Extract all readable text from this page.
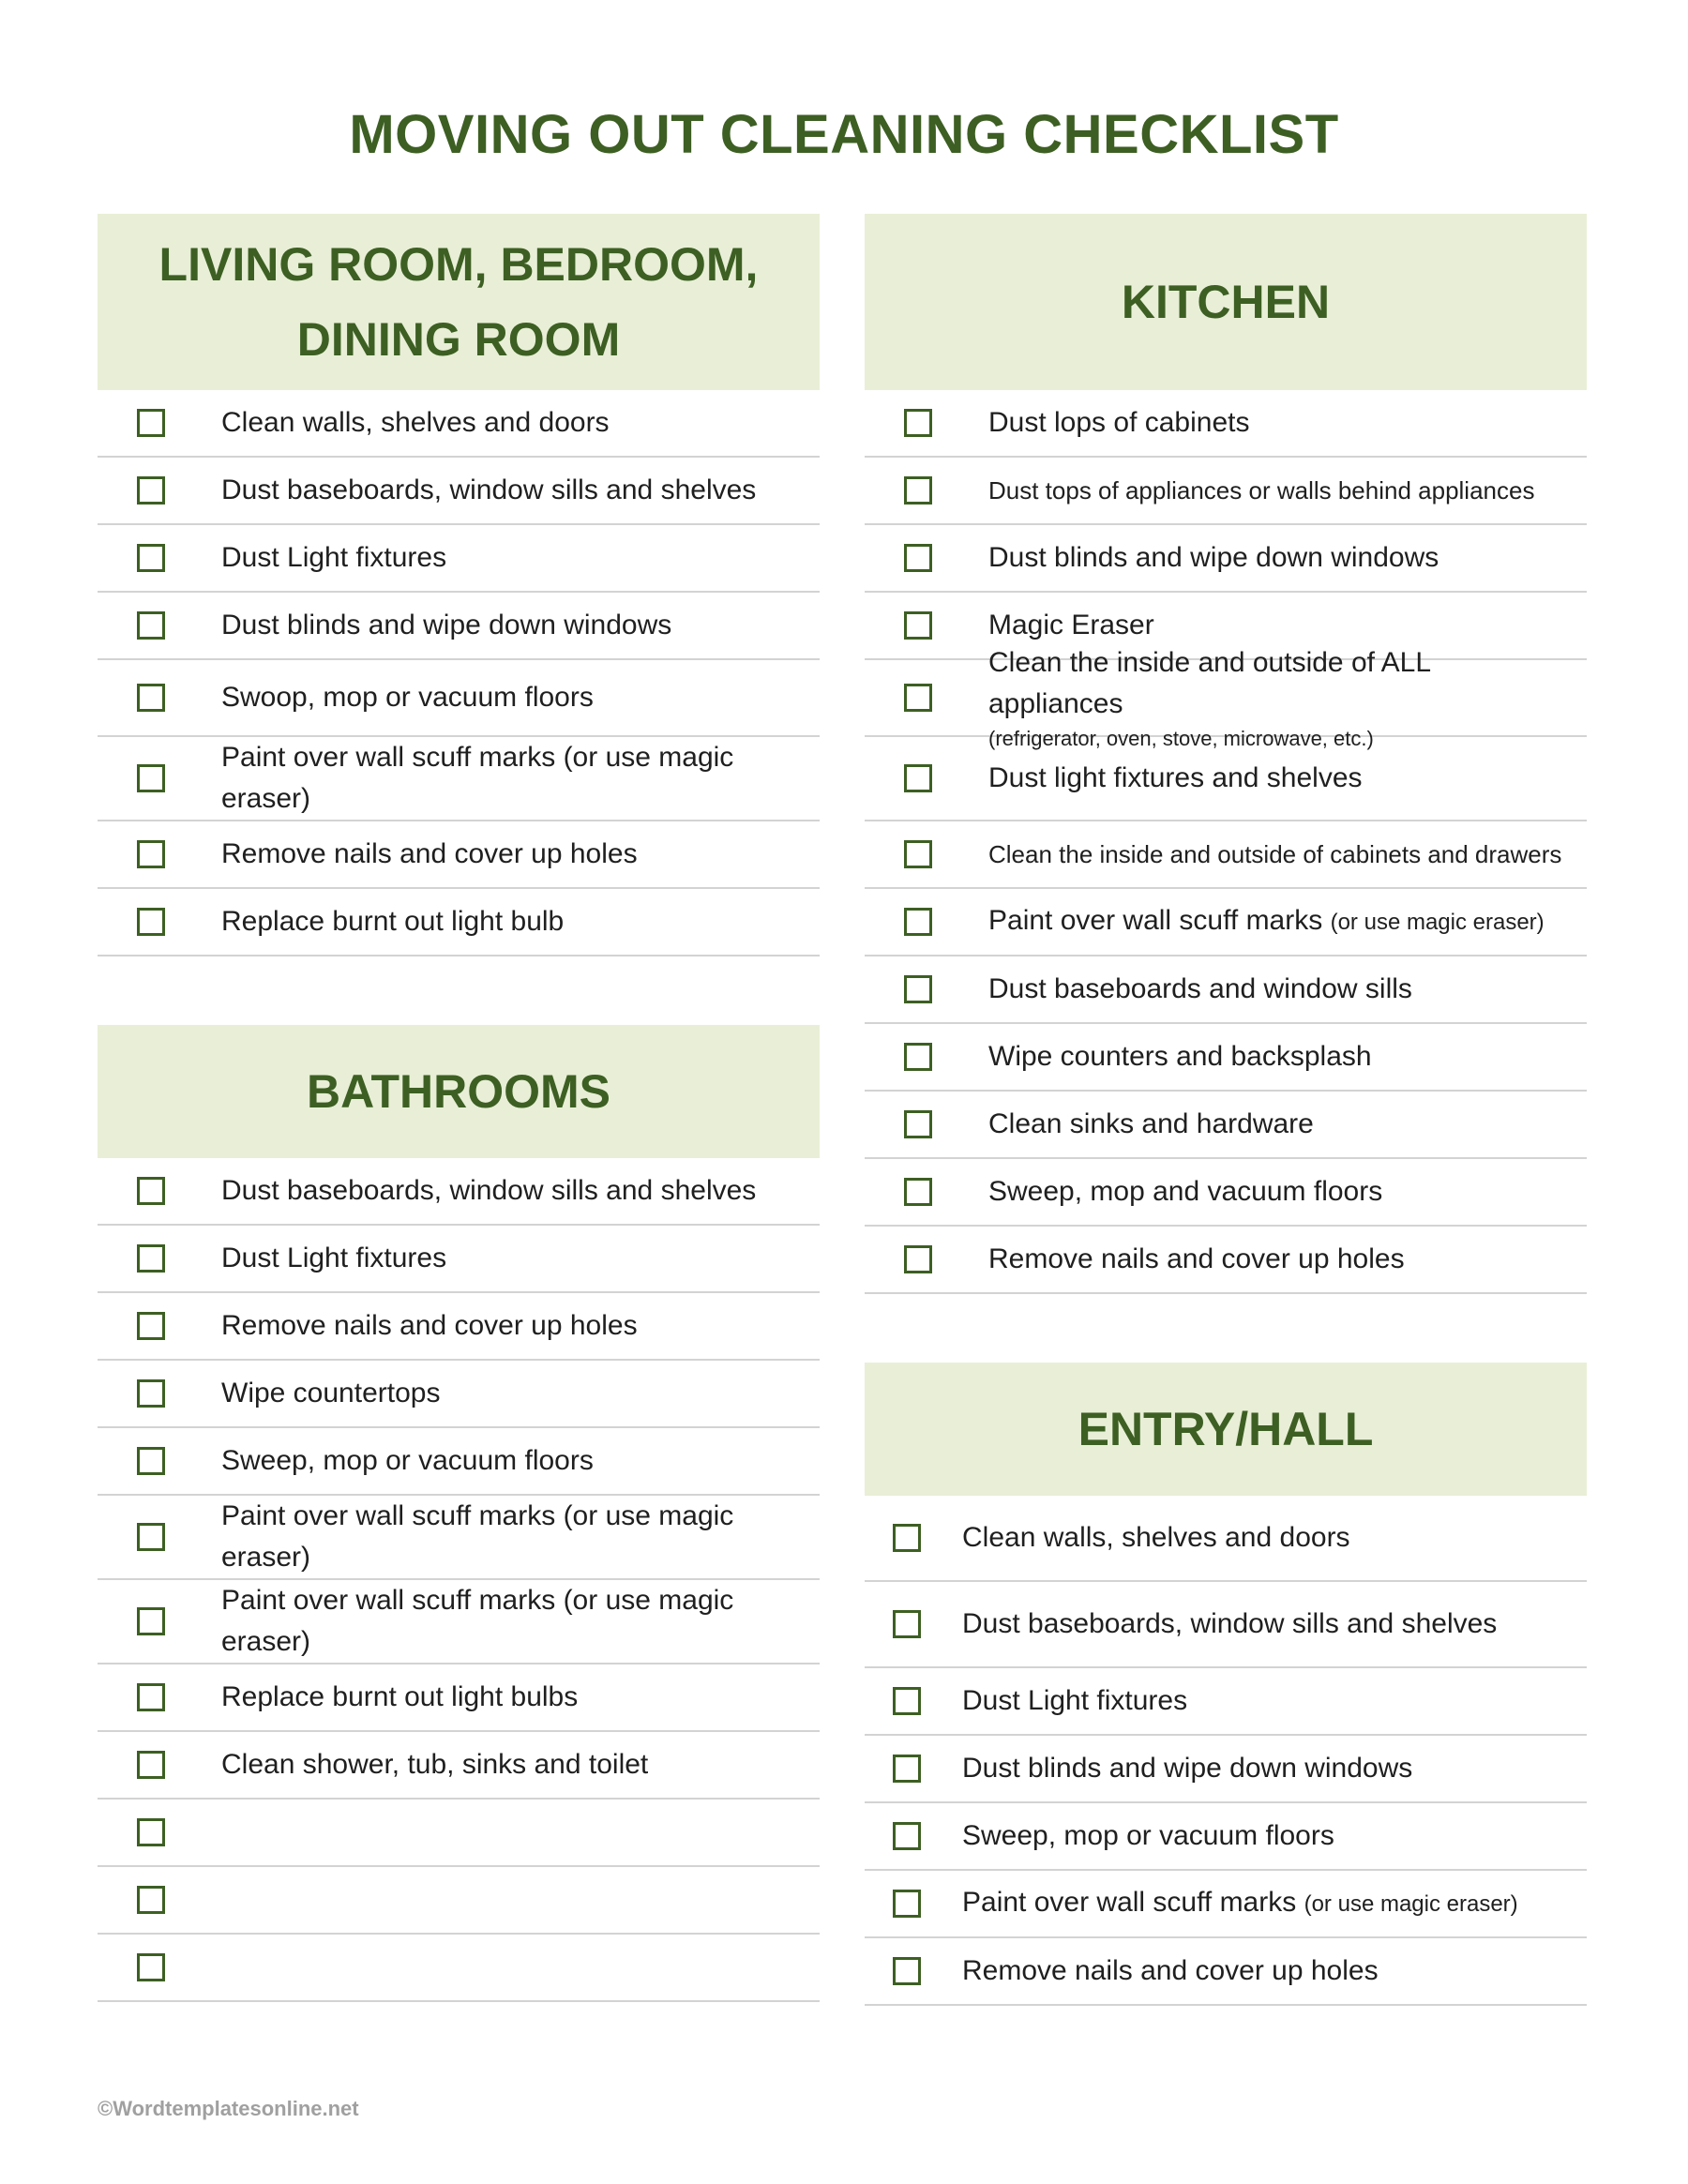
MOVING OUT CLEANING CHECKLIST
LIVING ROOM, BEDROOM,
DINING ROOM
Clean walls, shelves and doors
Dust baseboards, window sills and shelves
Dust Light fixtures
Dust blinds and wipe down windows
Swoop, mop or vacuum floors
Paint over wall scuff marks (or use magic eraser)
Remove nails and cover up holes
Replace burnt out light bulb
BATHROOMS
Dust baseboards, window sills and shelves
Dust Light fixtures
Remove nails and cover up holes
Wipe countertops
Sweep, mop or vacuum floors
Paint over wall scuff marks (or use magic eraser)
Paint over wall scuff marks (or use magic eraser)
Replace burnt out light bulbs
Clean shower, tub, sinks and toilet
KITCHEN
Dust lops of cabinets
Dust tops of appliances or walls behind appliances
Dust blinds and wipe down windows
Magic Eraser
Clean the inside and outside of ALL appliances
(refrigerator, oven, stove, microwave, etc.)
Dust light fixtures and shelves
Clean the inside and outside of cabinets and drawers
Paint over wall scuff marks (or use magic eraser)
Dust baseboards and window sills
Wipe counters and backsplash
Clean sinks and hardware
Sweep, mop and vacuum floors
Remove nails and cover up holes
ENTRY/HALL
Clean walls, shelves and doors
Dust baseboards, window sills and shelves
Dust Light fixtures
Dust blinds and wipe down windows
Sweep, mop or vacuum floors
Paint over wall scuff marks (or use magic eraser)
Remove nails and cover up holes
©Wordtemplatesonline.net
